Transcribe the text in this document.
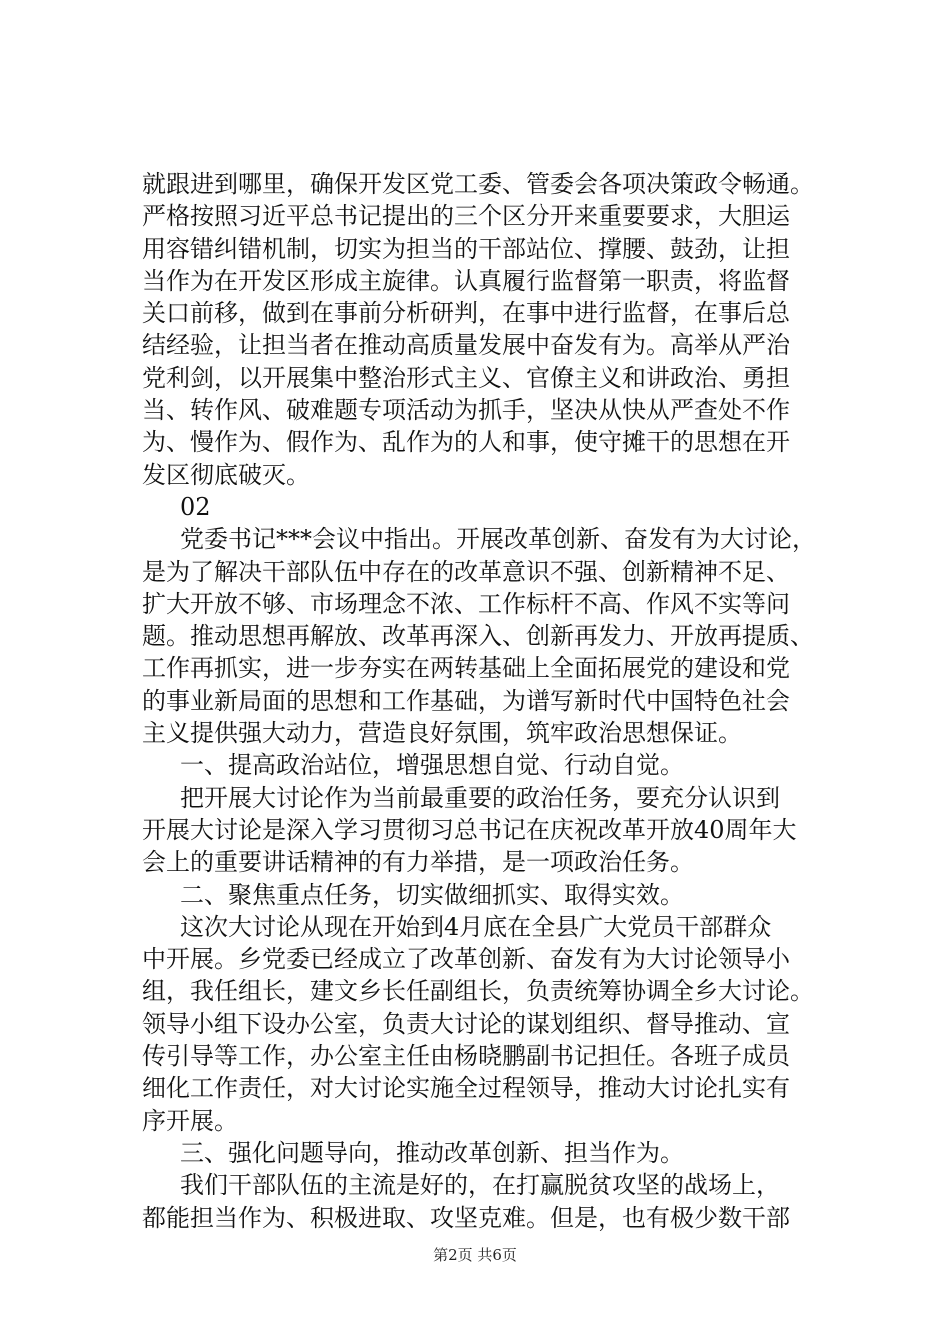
就跟进到哪里，确保开发区党工委、管委会各项决策政令畅通。
严格按照习近平总书记提出的三个区分开来重要要求，大胆运
用容错纠错机制，切实为担当的干部站位、撑腰、鼓劲，让担
当作为在开发区形成主旋律。认真履行监督第一职责，将监督
关口前移，做到在事前分析研判，在事中进行监督，在事后总
结经验，让担当者在推动高质量发展中奋发有为。高举从严治
党利剑，以开展集中整治形式主义、官僚主义和讲政治、勇担
当、转作风、破难题专项活动为抓手，坚决从快从严查处不作
为、慢作为、假作为、乱作为的人和事，使守摊干的思想在开
发区彻底破灭。
02
党委书记***会议中指出。开展改革创新、奋发有为大讨论，
是为了解决干部队伍中存在的改革意识不强、创新精神不足、
扩大开放不够、市场理念不浓、工作标杆不高、作风不实等问
题。推动思想再解放、改革再深入、创新再发力、开放再提质、
工作再抓实，进一步夯实在两转基础上全面拓展党的建设和党
的事业新局面的思想和工作基础，为谱写新时代中国特色社会
主义提供强大动力，营造良好氛围，筑牢政治思想保证。
一、提高政治站位，增强思想自觉、行动自觉。
把开展大讨论作为当前最重要的政治任务，要充分认识到
开展大讨论是深入学习贯彻习总书记在庆祝改革开放40周年大
会上的重要讲话精神的有力举措，是一项政治任务。
二、聚焦重点任务，切实做细抓实、取得实效。
这次大讨论从现在开始到4月底在全县广大党员干部群众
中开展。乡党委已经成立了改革创新、奋发有为大讨论领导小
组，我任组长，建文乡长任副组长，负责统筹协调全乡大讨论。
领导小组下设办公室，负责大讨论的谋划组织、督导推动、宣
传引导等工作，办公室主任由杨晓鹏副书记担任。各班子成员
细化工作责任，对大讨论实施全过程领导，推动大讨论扎实有
序开展。
三、强化问题导向，推动改革创新、担当作为。
我们干部队伍的主流是好的，在打赢脱贫攻坚的战场上，
都能担当作为、积极进取、攻坚克难。但是，也有极少数干部
第2页 共6页
